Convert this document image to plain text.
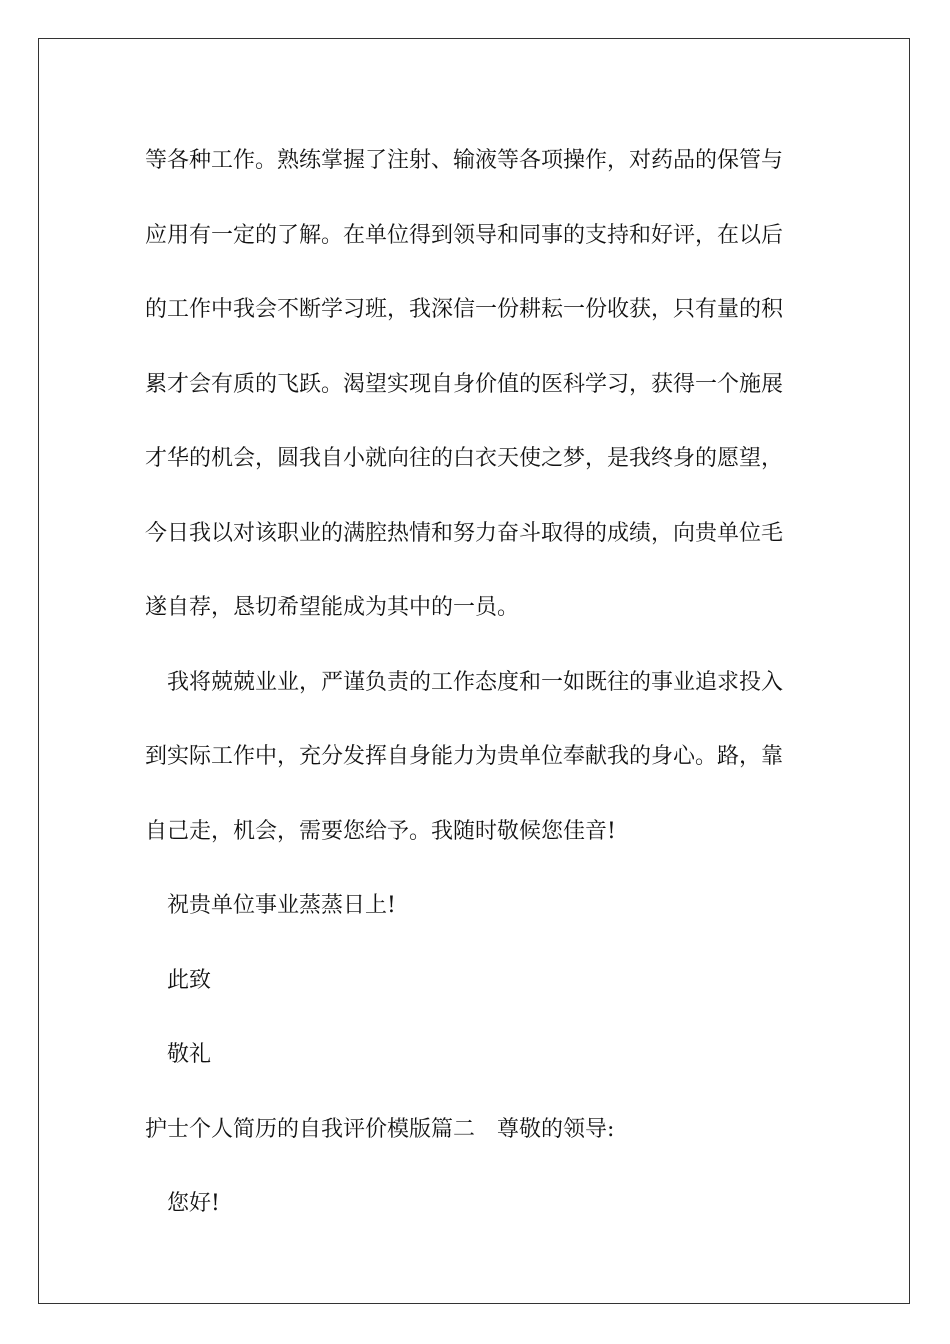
等各种工作。熟练掌握了注射、输液等各项操作，对药品的保管与
应用有一定的了解。在单位得到领导和同事的支持和好评，在以后
的工作中我会不断学习班，我深信一份耕耘一份收获，只有量的积
累才会有质的飞跃。渴望实现自身价值的医科学习，获得一个施展
才华的机会，圆我自小就向往的白衣天使之梦，是我终身的愿望，
今日我以对该职业的满腔热情和努力奋斗取得的成绩，向贵单位毛
遂自荐，恳切希望能成为其中的一员。
我将兢兢业业，严谨负责的工作态度和一如既往的事业追求投入
到实际工作中，充分发挥自身能力为贵单位奉献我的身心。路，靠
自己走，机会，需要您给予。我随时敬候您佳音!
祝贵单位事业蒸蒸日上!
此致
敬礼
护士个人简历的自我评价模版篇二　尊敬的领导:
您好!
